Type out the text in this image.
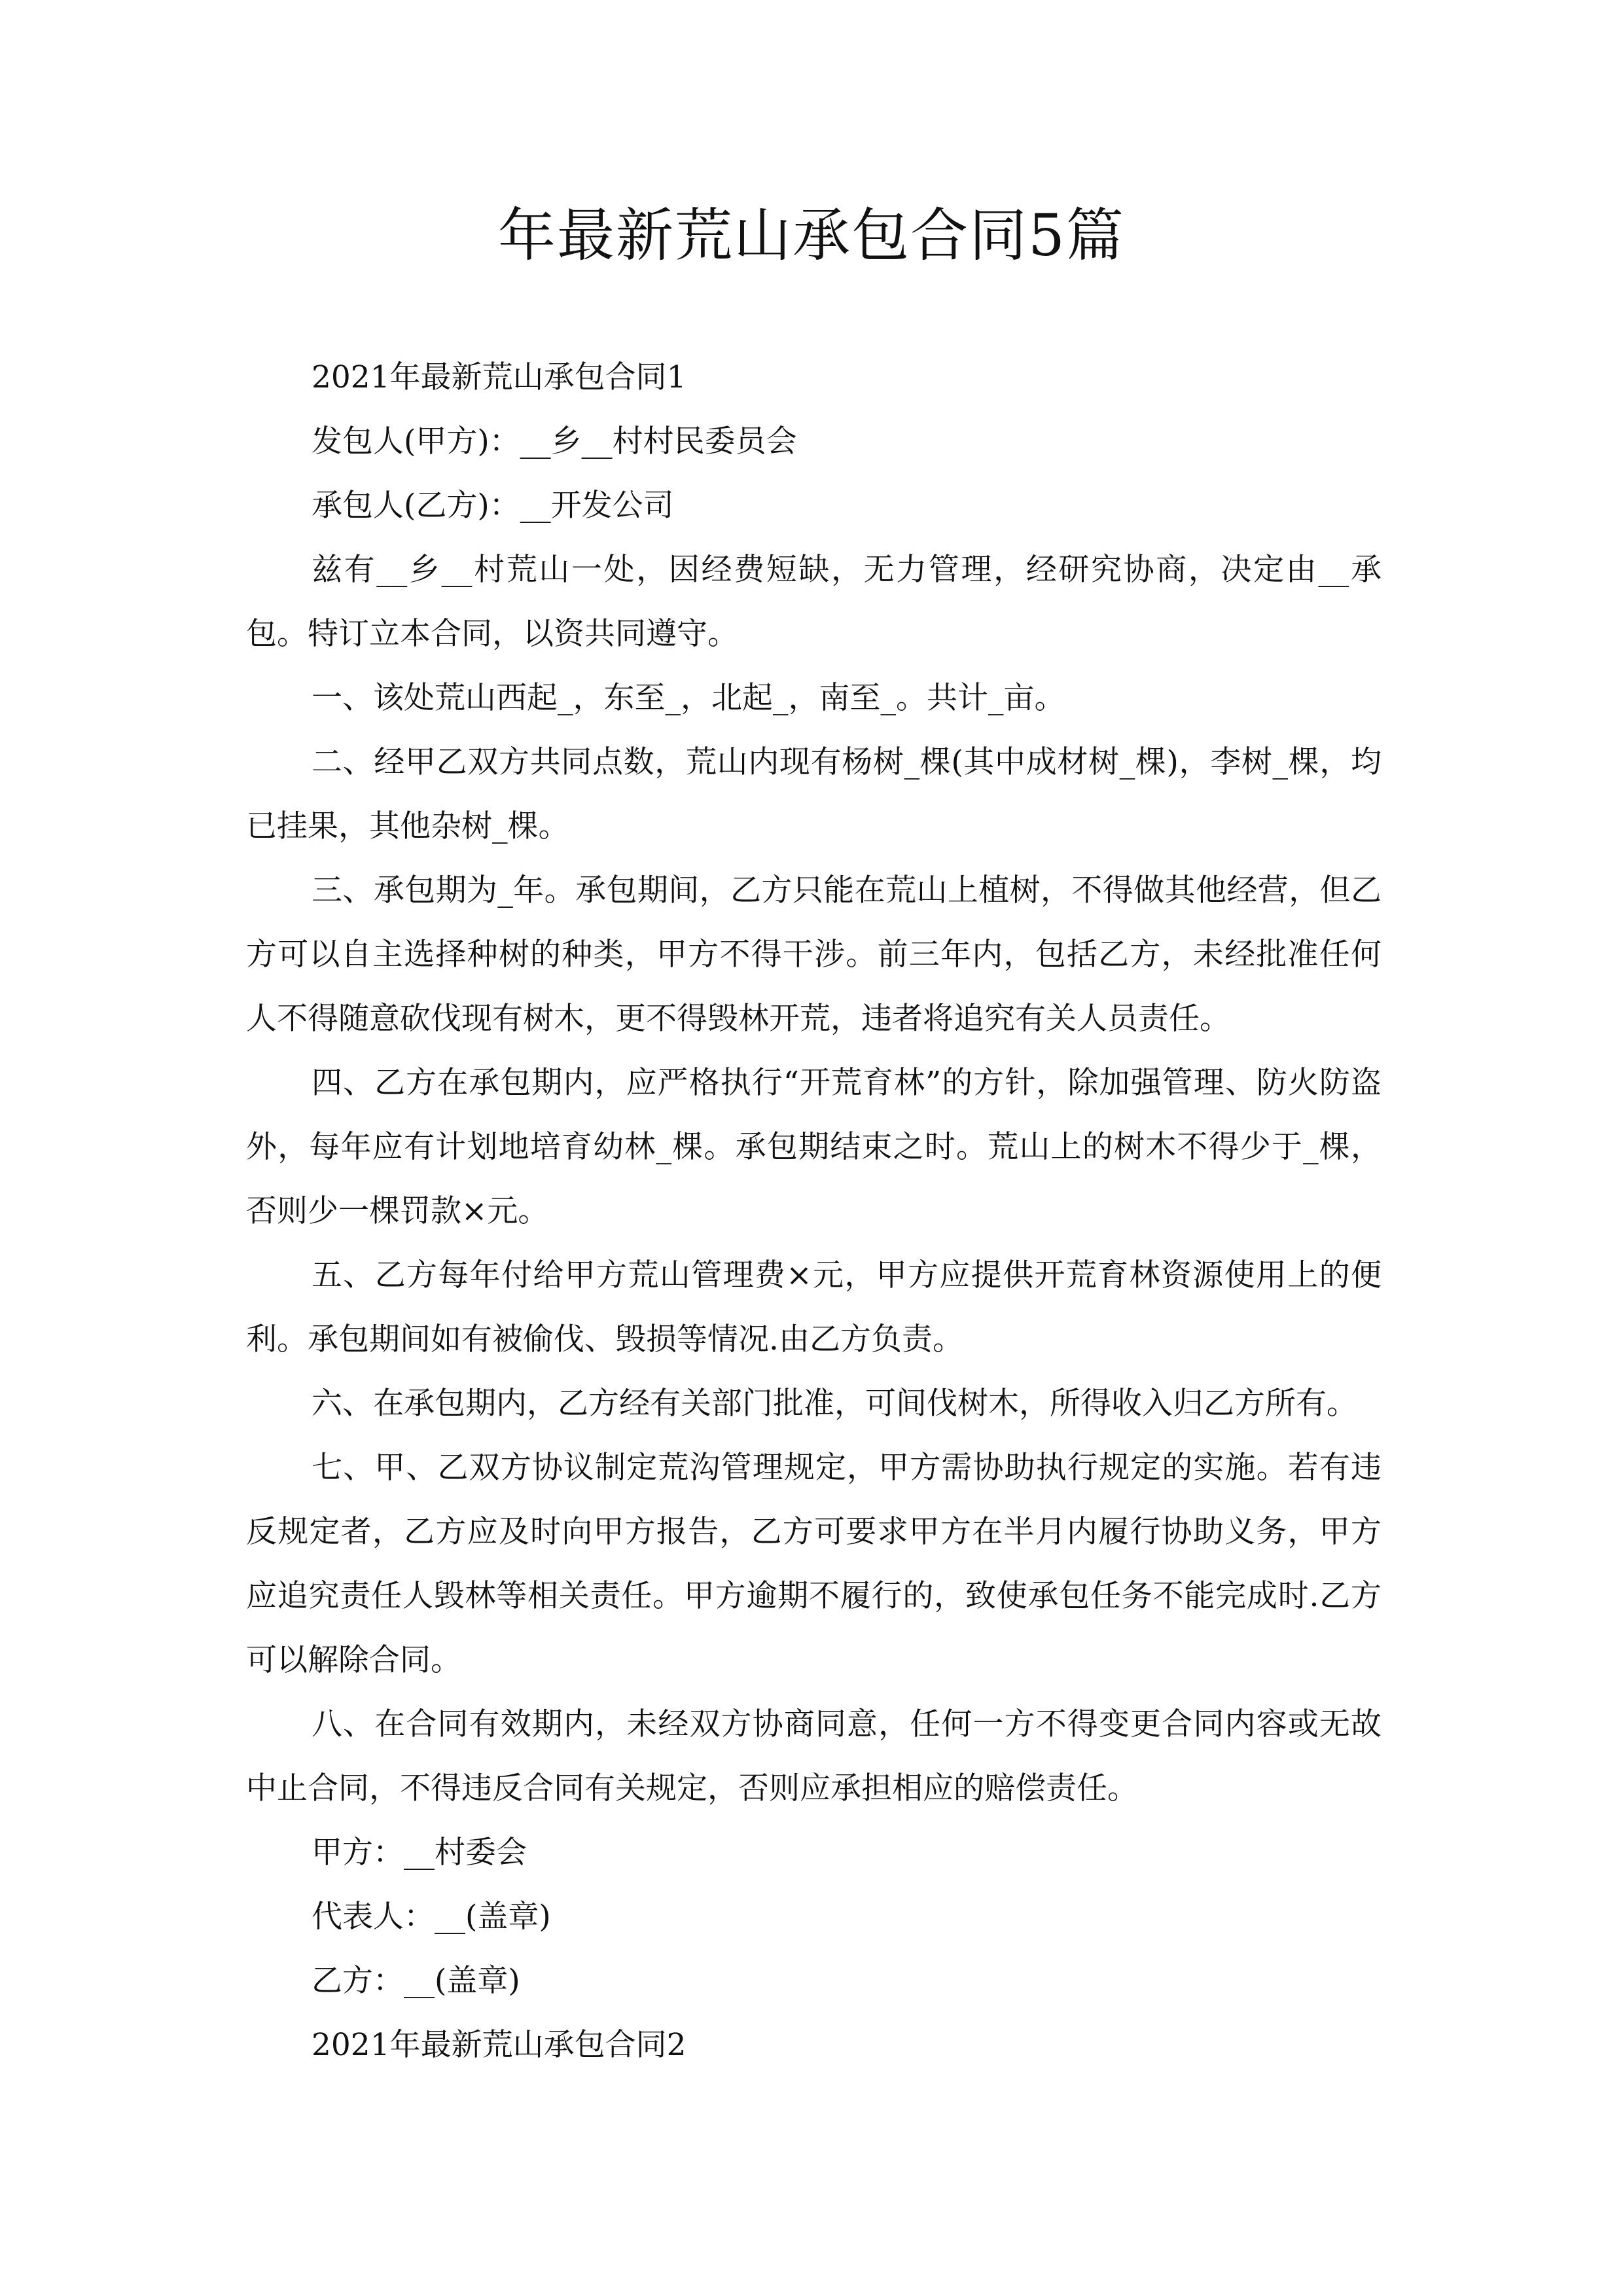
年最新荒山承包合同5篇

2021年最新荒山承包合同1

发包人(甲方)：__乡__村村民委员会

承包人(乙方)：__开发公司

兹有__乡__村荒山一处，因经费短缺，无力管理，经研究协商，决定由__承包。特订立本合同，以资共同遵守。

一、该处荒山西起_，东至_，北起_，南至_。共计_亩。

二、经甲乙双方共同点数，荒山内现有杨树_棵(其中成材树_棵)，李树_棵，均已挂果，其他杂树_棵。

三、承包期为_年。承包期间，乙方只能在荒山上植树，不得做其他经营，但乙方可以自主选择种树的种类，甲方不得干涉。前三年内，包括乙方，未经批准任何人不得随意砍伐现有树木，更不得毁林开荒，违者将追究有关人员责任。

四、乙方在承包期内，应严格执行“开荒育林”的方针，除加强管理、防火防盗外，每年应有计划地培育幼林_棵。承包期结束之时。荒山上的树木不得少于_棵，否则少一棵罚款×元。

五、乙方每年付给甲方荒山管理费×元，甲方应提供开荒育林资源使用上的便利。承包期间如有被偷伐、毁损等情况.由乙方负责。

六、在承包期内，乙方经有关部门批准，可间伐树木，所得收入归乙方所有。

七、甲、乙双方协议制定荒沟管理规定，甲方需协助执行规定的实施。若有违反规定者，乙方应及时向甲方报告，乙方可要求甲方在半月内履行协助义务，甲方应追究责任人毁林等相关责任。甲方逾期不履行的，致使承包任务不能完成时.乙方可以解除合同。

八、在合同有效期内，未经双方协商同意，任何一方不得变更合同内容或无故中止合同，不得违反合同有关规定，否则应承担相应的赔偿责任。

甲方：__村委会

代表人：__(盖章)

乙方：__(盖章)

2021年最新荒山承包合同2
